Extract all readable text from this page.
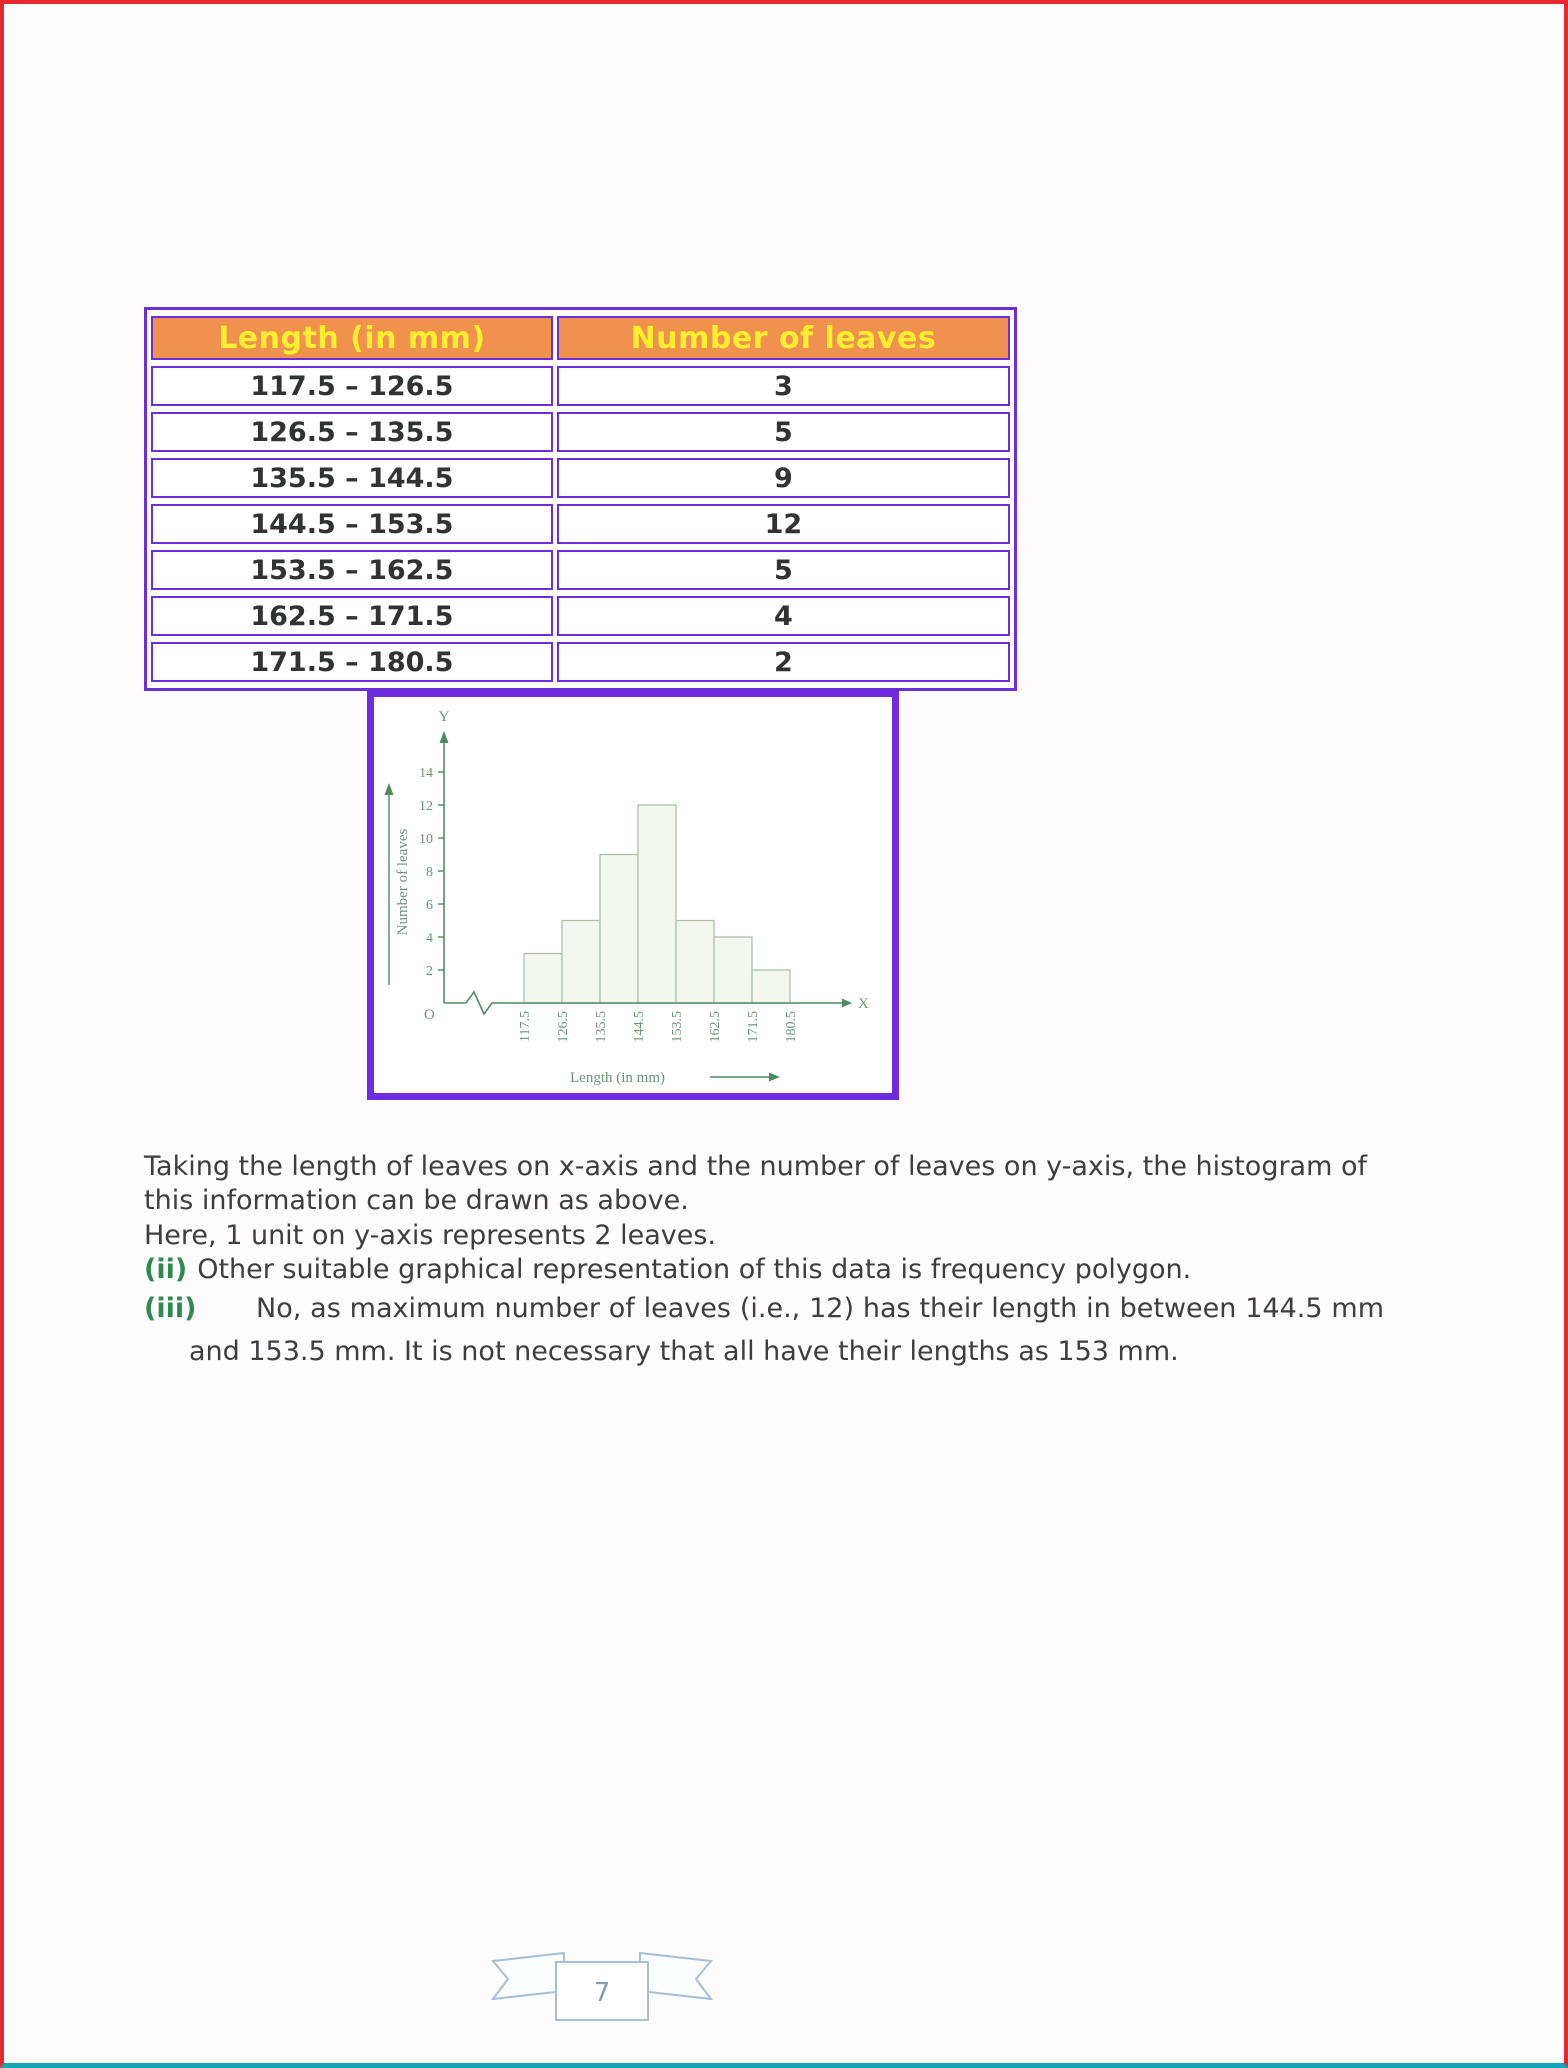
Length (in mm)	Number of leaves
117.5 – 126.5	3
126.5 – 135.5	5
135.5 – 144.5	9
144.5 – 153.5	12
153.5 – 162.5	5
162.5 – 171.5	4
171.5 – 180.5	2
Y
X
O
2
4
6
8
10
12
14
117.5 126.5 135.5 144.5 153.5 162.5 171.5 180.5
Number of leaves
Length (in mm)

Taking the length of leaves on x-axis and the number of leaves on y-axis, the histogram of this information can be drawn as above.

Here, 1 unit on y-axis represents 2 leaves.

(ii) Other suitable graphical representation of this data is frequency polygon.

(iii) No, as maximum number of leaves (i.e., 12) has their length in between 144.5 mm and 153.5 mm. It is not necessary that all have their lengths as 153 mm.

7
